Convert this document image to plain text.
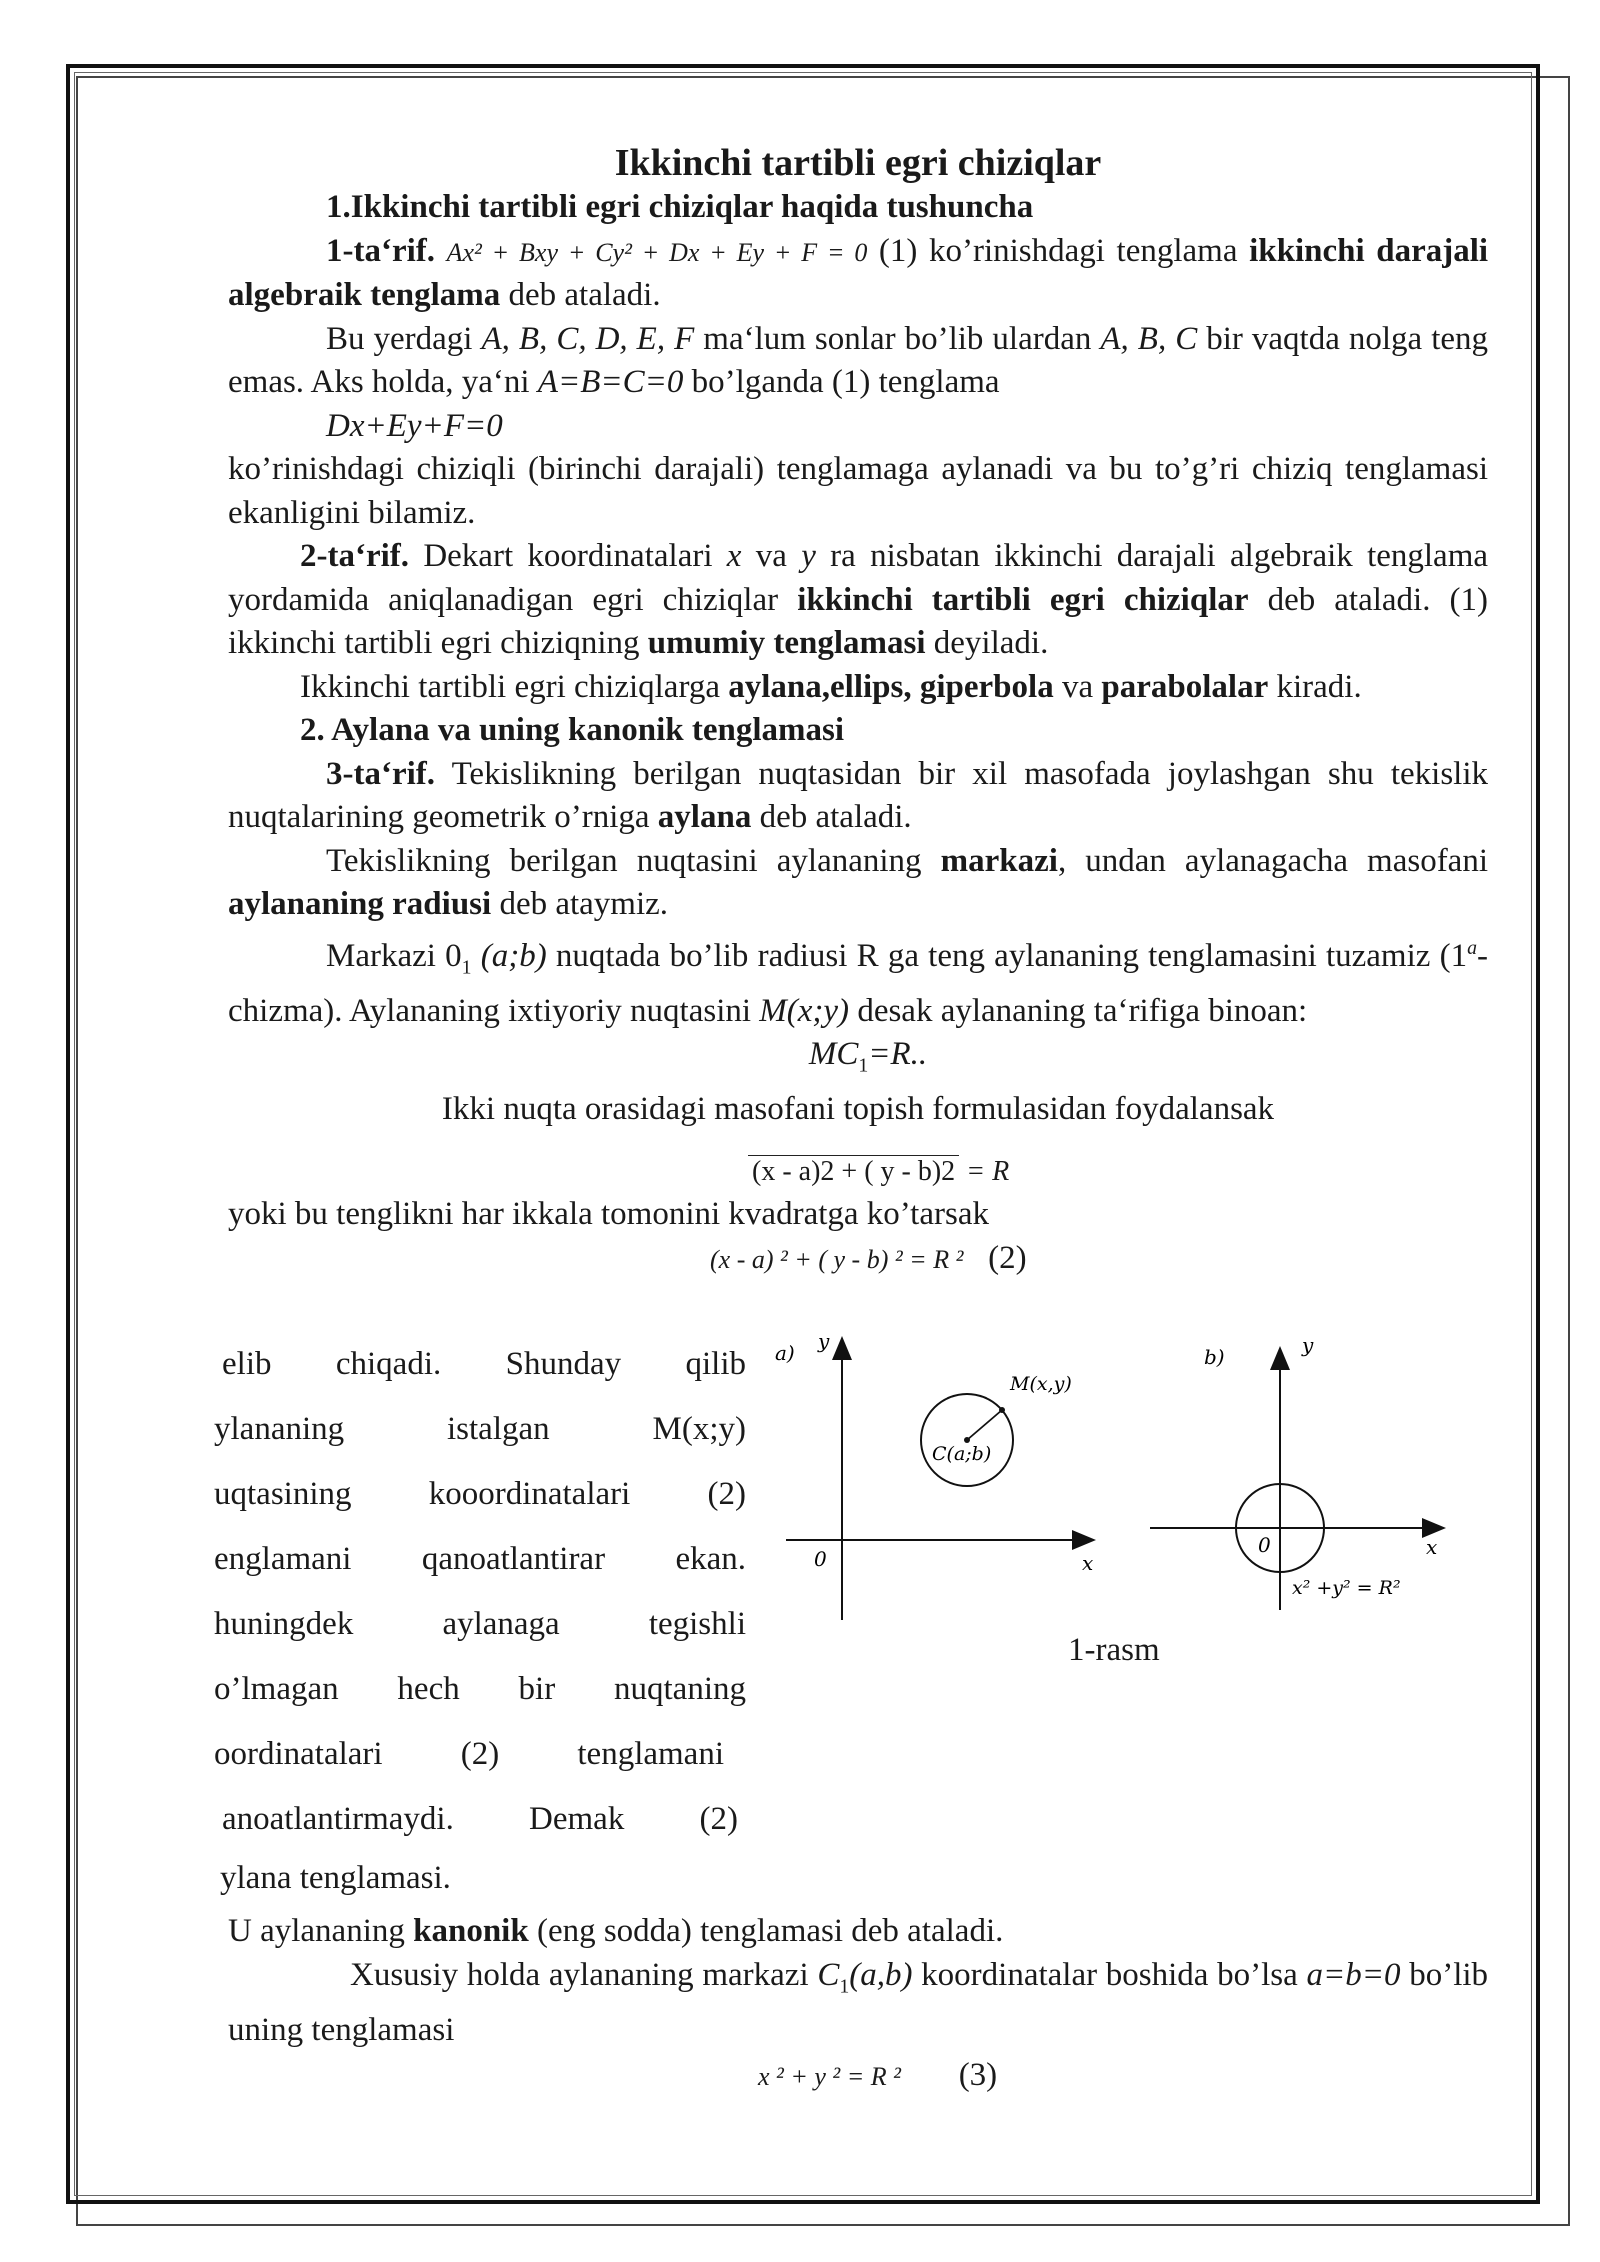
Ikkinchi tartibli egri chiziqlar

1.Ikkinchi tartibli egri chiziqlar haqida tushuncha

1-ta‘rif. Ax² + Bxy + Cy² + Dx + Ey + F = 0 (1) ko’rinishdagi tenglama ikkinchi darajali algebraik tenglama deb ataladi.

Bu yerdagi A, B, C, D, E, F ma‘lum sonlar bo’lib ulardan A, B, C bir vaqtda nolga teng emas. Aks holda, ya‘ni A=B=C=0 bo’lganda (1) tenglama

Dx+Ey+F=0

ko’rinishdagi chiziqli (birinchi darajali) tenglamaga aylanadi va bu to’g’ri chiziq tenglamasi ekanligini bilamiz.

2-ta‘rif. Dekart koordinatalari x va y ra nisbatan ikkinchi darajali algebraik tenglama yordamida aniqlanadigan egri chiziqlar ikkinchi tartibli egri chiziqlar deb ataladi. (1) ikkinchi tartibli egri chiziqning umumiy tenglamasi deyiladi.

Ikkinchi tartibli egri chiziqlarga aylana,ellips, giperbola va parabolalar kiradi.

2. Aylana va uning kanonik tenglamasi

3-ta‘rif. Tekislikning berilgan nuqtasidan bir xil masofada joylashgan shu tekislik nuqtalarining geometrik o’rniga aylana deb ataladi.

Tekislikning berilgan nuqtasini aylananing markazi, undan aylanagacha masofani aylananing radiusi deb ataymiz.

Markazi $0_1$ (a;b) nuqtada bo’lib radiusi R ga teng aylananing tenglamasini tuzamiz (1$^a$-chizma). Aylananing ixtiyoriy nuqtasini M(x;y) desak aylananing ta‘rifiga binoan:

$MC_1=R$..

Ikki nuqta orasidagi masofani topish formulasidan foydalansak

(x - a)2 + ( y - b)2 = R

yoki bu tenglikni har ikkala tomonini kvadratga ko’tarsak

(x - a) ² + ( y - b) ² = R ² (2)

elib chiqadi. Shunday qilib

ylananing istalgan M(x;y)

uqtasining kooordinatalari (2)

englamani qanoatlantirar ekan.

huningdek aylanaga tegishli

o’lmagan hech bir nuqtaning

oordinatalari (2) tenglamani

anoatlantirmaydi. Demak (2)

ylana tenglamasi.

a) y
x
0
M(x,y)
C(a;b)
b)	y
x
0
x² +y² = R²
1-rasm

U aylananing kanonik (eng sodda) tenglamasi deb ataladi.

Xususiy holda aylananing markazi $C_1(a,b)$ koordinatalar boshida bo’lsa a=b=0 bo’lib uning tenglamasi

x ² + y ² = R ² (3)
